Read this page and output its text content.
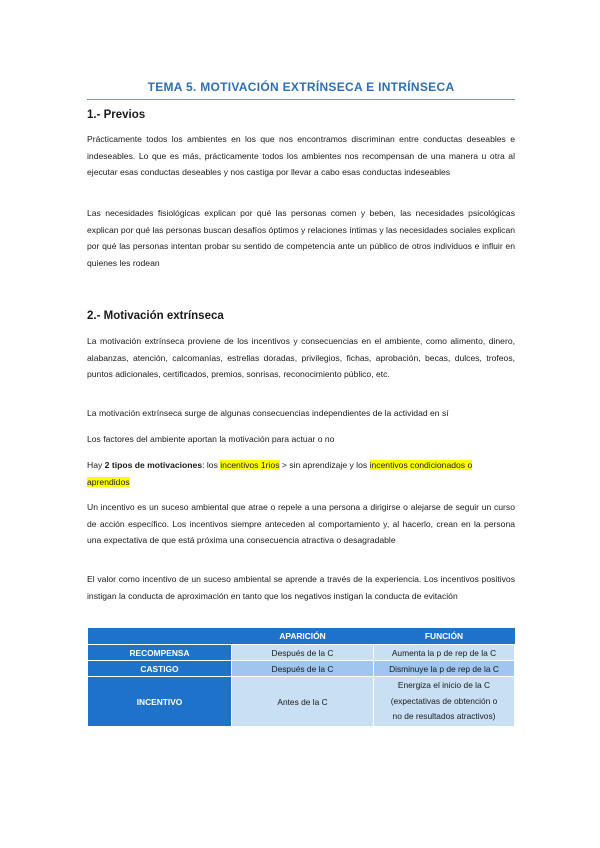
TEMA 5. MOTIVACIÓN EXTRÍNSECA E INTRÍNSECA
1.- Previos

Prácticamente todos los ambientes en los que nos encontramos discriminan entre conductas deseables e indeseables. Lo que es más, prácticamente todos los ambientes nos recompensan de una manera u otra al ejecutar esas conductas deseables y nos castiga por llevar a cabo esas conductas indeseables

Las necesidades fisiológicas explican por qué las personas comen y beben, las necesidades psicológicas explican por qué las personas buscan desafíos óptimos y relaciones íntimas y las necesidades sociales explican por qué las personas intentan probar su sentido de competencia ante un público de otros individuos e influir en quienes les rodean

2.- Motivación extrínseca

La motivación extrínseca proviene de los incentivos y consecuencias en el ambiente, como alimento, dinero, alabanzas, atención, calcomanías, estrellas doradas, privilegios, fichas, aprobación, becas, dulces, trofeos, puntos adicionales, certificados, premios, sonrisas, reconocimiento público, etc.

La motivación extrínseca surge de algunas consecuencias independientes de la actividad en sí

Los factores del ambiente aportan la motivación para actuar o no

Hay 2 tipos de motivaciones: los incentivos 1rios > sin aprendizaje y los incentivos condicionados o aprendidos

Un incentivo es un suceso ambiental que atrae o repele a una persona a dirigirse o alejarse de seguir un curso de acción específico. Los incentivos siempre anteceden al comportamiento y, al hacerlo, crean en la persona una expectativa de que está próxima una consecuencia atractiva o desagradable

El valor como incentivo de un suceso ambiental se aprende a través de la experiencia. Los incentivos positivos instigan la conducta de aproximación en tanto que los negativos instigan la conducta de evitación

	APARICIÓN	FUNCIÓN
RECOMPENSA	Después de la C	Aumenta la p de rep de la C
CASTIGO	Después de la C	Disminuye la p de rep de la C
INCENTIVO	Antes de la C	Energiza el inicio de la C
(expectativas de obtención o
no de resultados atractivos)
